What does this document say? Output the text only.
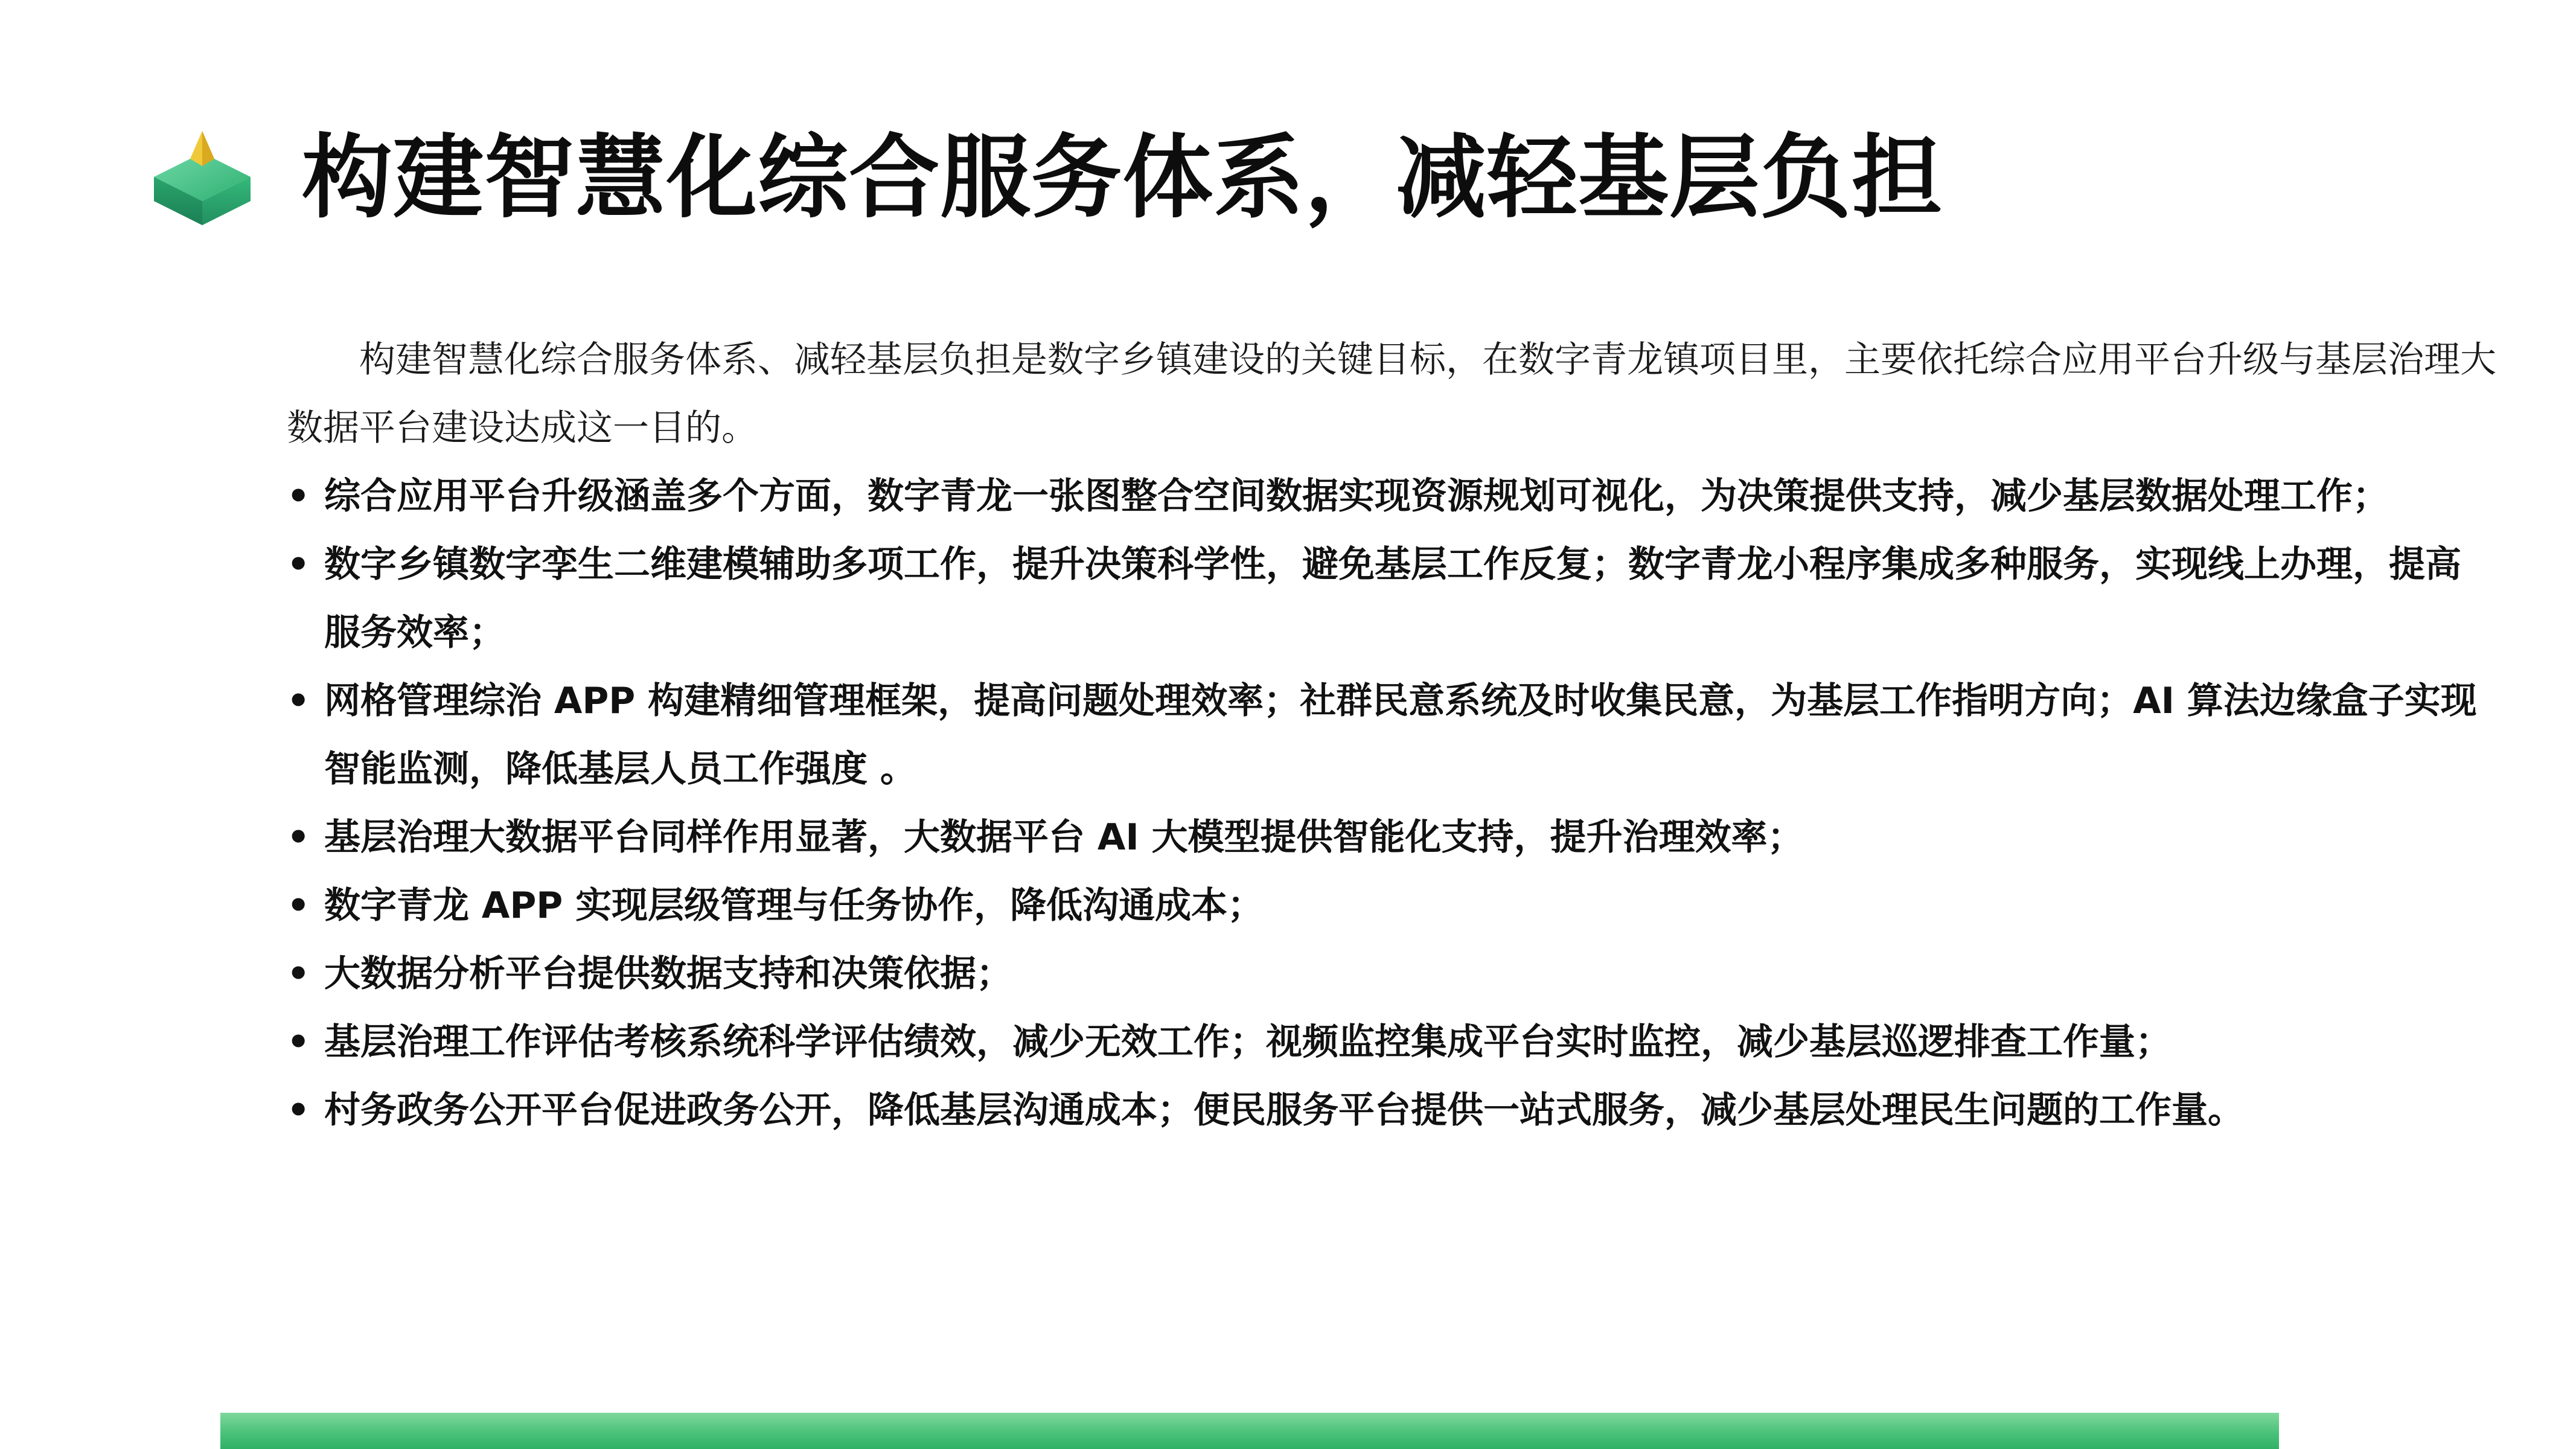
构建智慧化综合服务体系，减轻基层负担

构建智慧化综合服务体系、减轻基层负担是数字乡镇建设的关键目标，在数字青龙镇项目里，主要依托综合应用平台升级与基层治理大数据平台建设达成这一目的。

• 综合应用平台升级涵盖多个方面，数字青龙一张图整合空间数据实现资源规划可视化，为决策提供支持，减少基层数据处理工作；
• 数字乡镇数字孪生二维建模辅助多项工作，提升决策科学性，避免基层工作反复；数字青龙小程序集成多种服务，实现线上办理，提高服务效率；
• 网格管理综治 APP 构建精细管理框架，提高问题处理效率；社群民意系统及时收集民意，为基层工作指明方向；AI 算法边缘盒子实现智能监测，降低基层人员工作强度 。
• 基层治理大数据平台同样作用显著，大数据平台 AI 大模型提供智能化支持，提升治理效率；
• 数字青龙 APP 实现层级管理与任务协作，降低沟通成本；
• 大数据分析平台提供数据支持和决策依据；
• 基层治理工作评估考核系统科学评估绩效，减少无效工作；视频监控集成平台实时监控，减少基层巡逻排查工作量；
• 村务政务公开平台促进政务公开，降低基层沟通成本；便民服务平台提供一站式服务，减少基层处理民生问题的工作量。
